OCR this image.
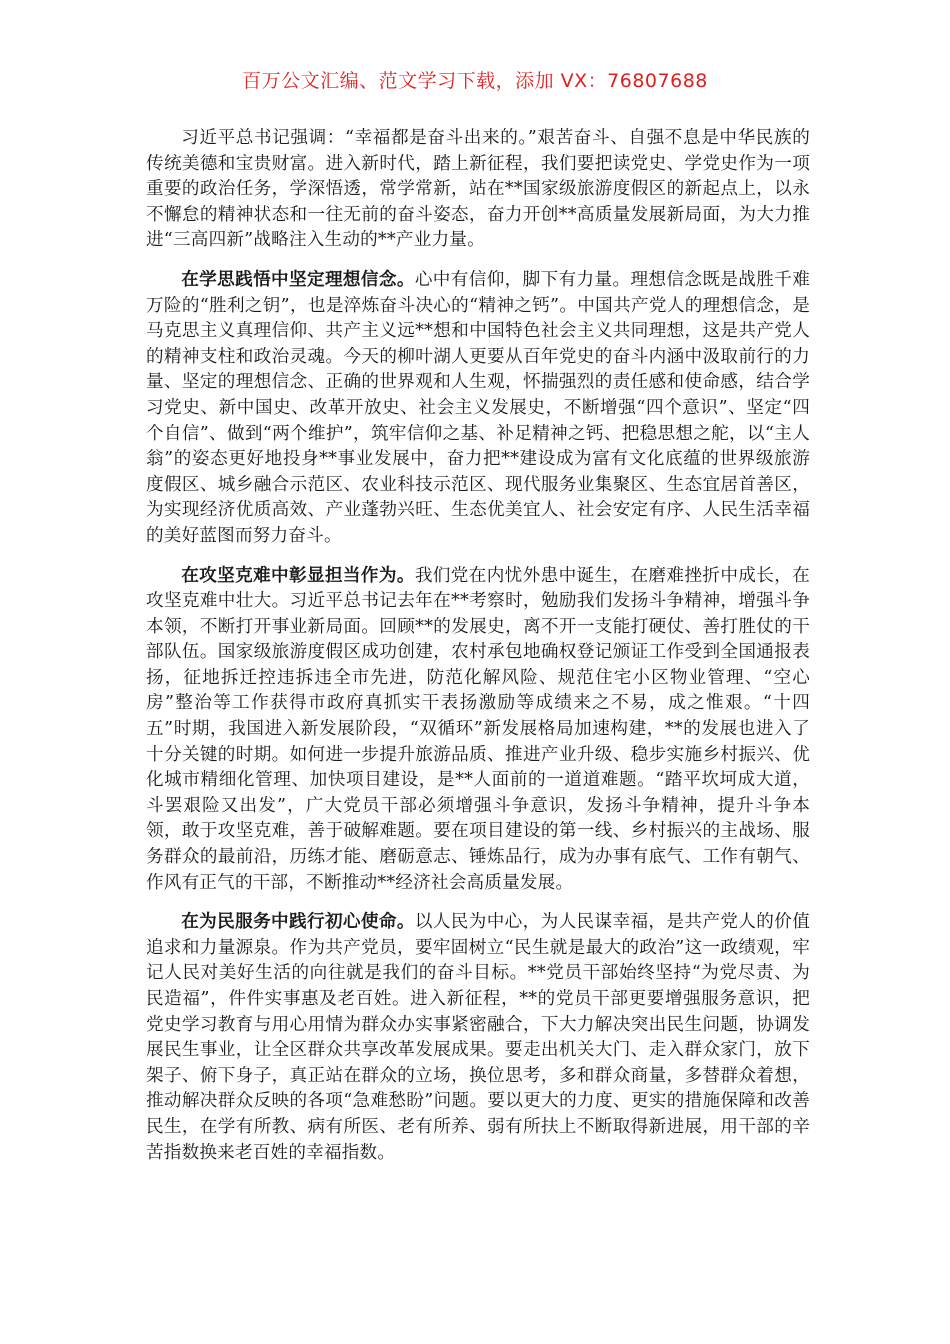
百万公文汇编、范文学习下载，添加 VX：76807688

习近平总书记强调：“幸福都是奋斗出来的。”艰苦奋斗、自强不息是中华民族的传统美德和宝贵财富。进入新时代，踏上新征程，我们要把读党史、学党史作为一项重要的政治任务，学深悟透，常学常新，站在**国家级旅游度假区的新起点上，以永不懈怠的精神状态和一往无前的奋斗姿态，奋力开创**高质量发展新局面，为大力推进“三高四新”战略注入生动的**产业力量。

在学思践悟中坚定理想信念。心中有信仰，脚下有力量。理想信念既是战胜千难万险的“胜利之钥”，也是淬炼奋斗决心的“精神之钙”。中国共产党人的理想信念，是马克思主义真理信仰、共产主义远**想和中国特色社会主义共同理想，这是共产党人的精神支柱和政治灵魂。今天的柳叶湖人更要从百年党史的奋斗内涵中汲取前行的力量、坚定的理想信念、正确的世界观和人生观，怀揣强烈的责任感和使命感，结合学习党史、新中国史、改革开放史、社会主义发展史，不断增强“四个意识”、坚定“四个自信”、做到“两个维护”，筑牢信仰之基、补足精神之钙、把稳思想之舵，以“主人翁”的姿态更好地投身**事业发展中，奋力把**建设成为富有文化底蕴的世界级旅游度假区、城乡融合示范区、农业科技示范区、现代服务业集聚区、生态宜居首善区，为实现经济优质高效、产业蓬勃兴旺、生态优美宜人、社会安定有序、人民生活幸福的美好蓝图而努力奋斗。

在攻坚克难中彰显担当作为。我们党在内忧外患中诞生，在磨难挫折中成长，在攻坚克难中壮大。习近平总书记去年在**考察时，勉励我们发扬斗争精神，增强斗争本领，不断打开事业新局面。回顾**的发展史，离不开一支能打硬仗、善打胜仗的干部队伍。国家级旅游度假区成功创建，农村承包地确权登记颁证工作受到全国通报表扬，征地拆迁控违拆违全市先进，防范化解风险、规范住宅小区物业管理、“空心房”整治等工作获得市政府真抓实干表扬激励等成绩来之不易，成之惟艰。“十四五”时期，我国进入新发展阶段，“双循环”新发展格局加速构建，**的发展也进入了十分关键的时期。如何进一步提升旅游品质、推进产业升级、稳步实施乡村振兴、优化城市精细化管理、加快项目建设，是**人面前的一道道难题。“踏平坎坷成大道，斗罢艰险又出发”，广大党员干部必须增强斗争意识，发扬斗争精神，提升斗争本领，敢于攻坚克难，善于破解难题。要在项目建设的第一线、乡村振兴的主战场、服务群众的最前沿，历练才能、磨砺意志、锤炼品行，成为办事有底气、工作有朝气、作风有正气的干部，不断推动**经济社会高质量发展。

在为民服务中践行初心使命。以人民为中心，为人民谋幸福，是共产党人的价值追求和力量源泉。作为共产党员，要牢固树立“民生就是最大的政治”这一政绩观，牢记人民对美好生活的向往就是我们的奋斗目标。**党员干部始终坚持“为党尽责、为民造福”，件件实事惠及老百姓。进入新征程，**的党员干部更要增强服务意识，把党史学习教育与用心用情为群众办实事紧密融合，下大力解决突出民生问题，协调发展民生事业，让全区群众共享改革发展成果。要走出机关大门、走入群众家门，放下架子、俯下身子，真正站在群众的立场，换位思考，多和群众商量，多替群众着想，推动解决群众反映的各项“急难愁盼”问题。要以更大的力度、更实的措施保障和改善民生，在学有所教、病有所医、老有所养、弱有所扶上不断取得新进展，用干部的辛苦指数换来老百姓的幸福指数。
